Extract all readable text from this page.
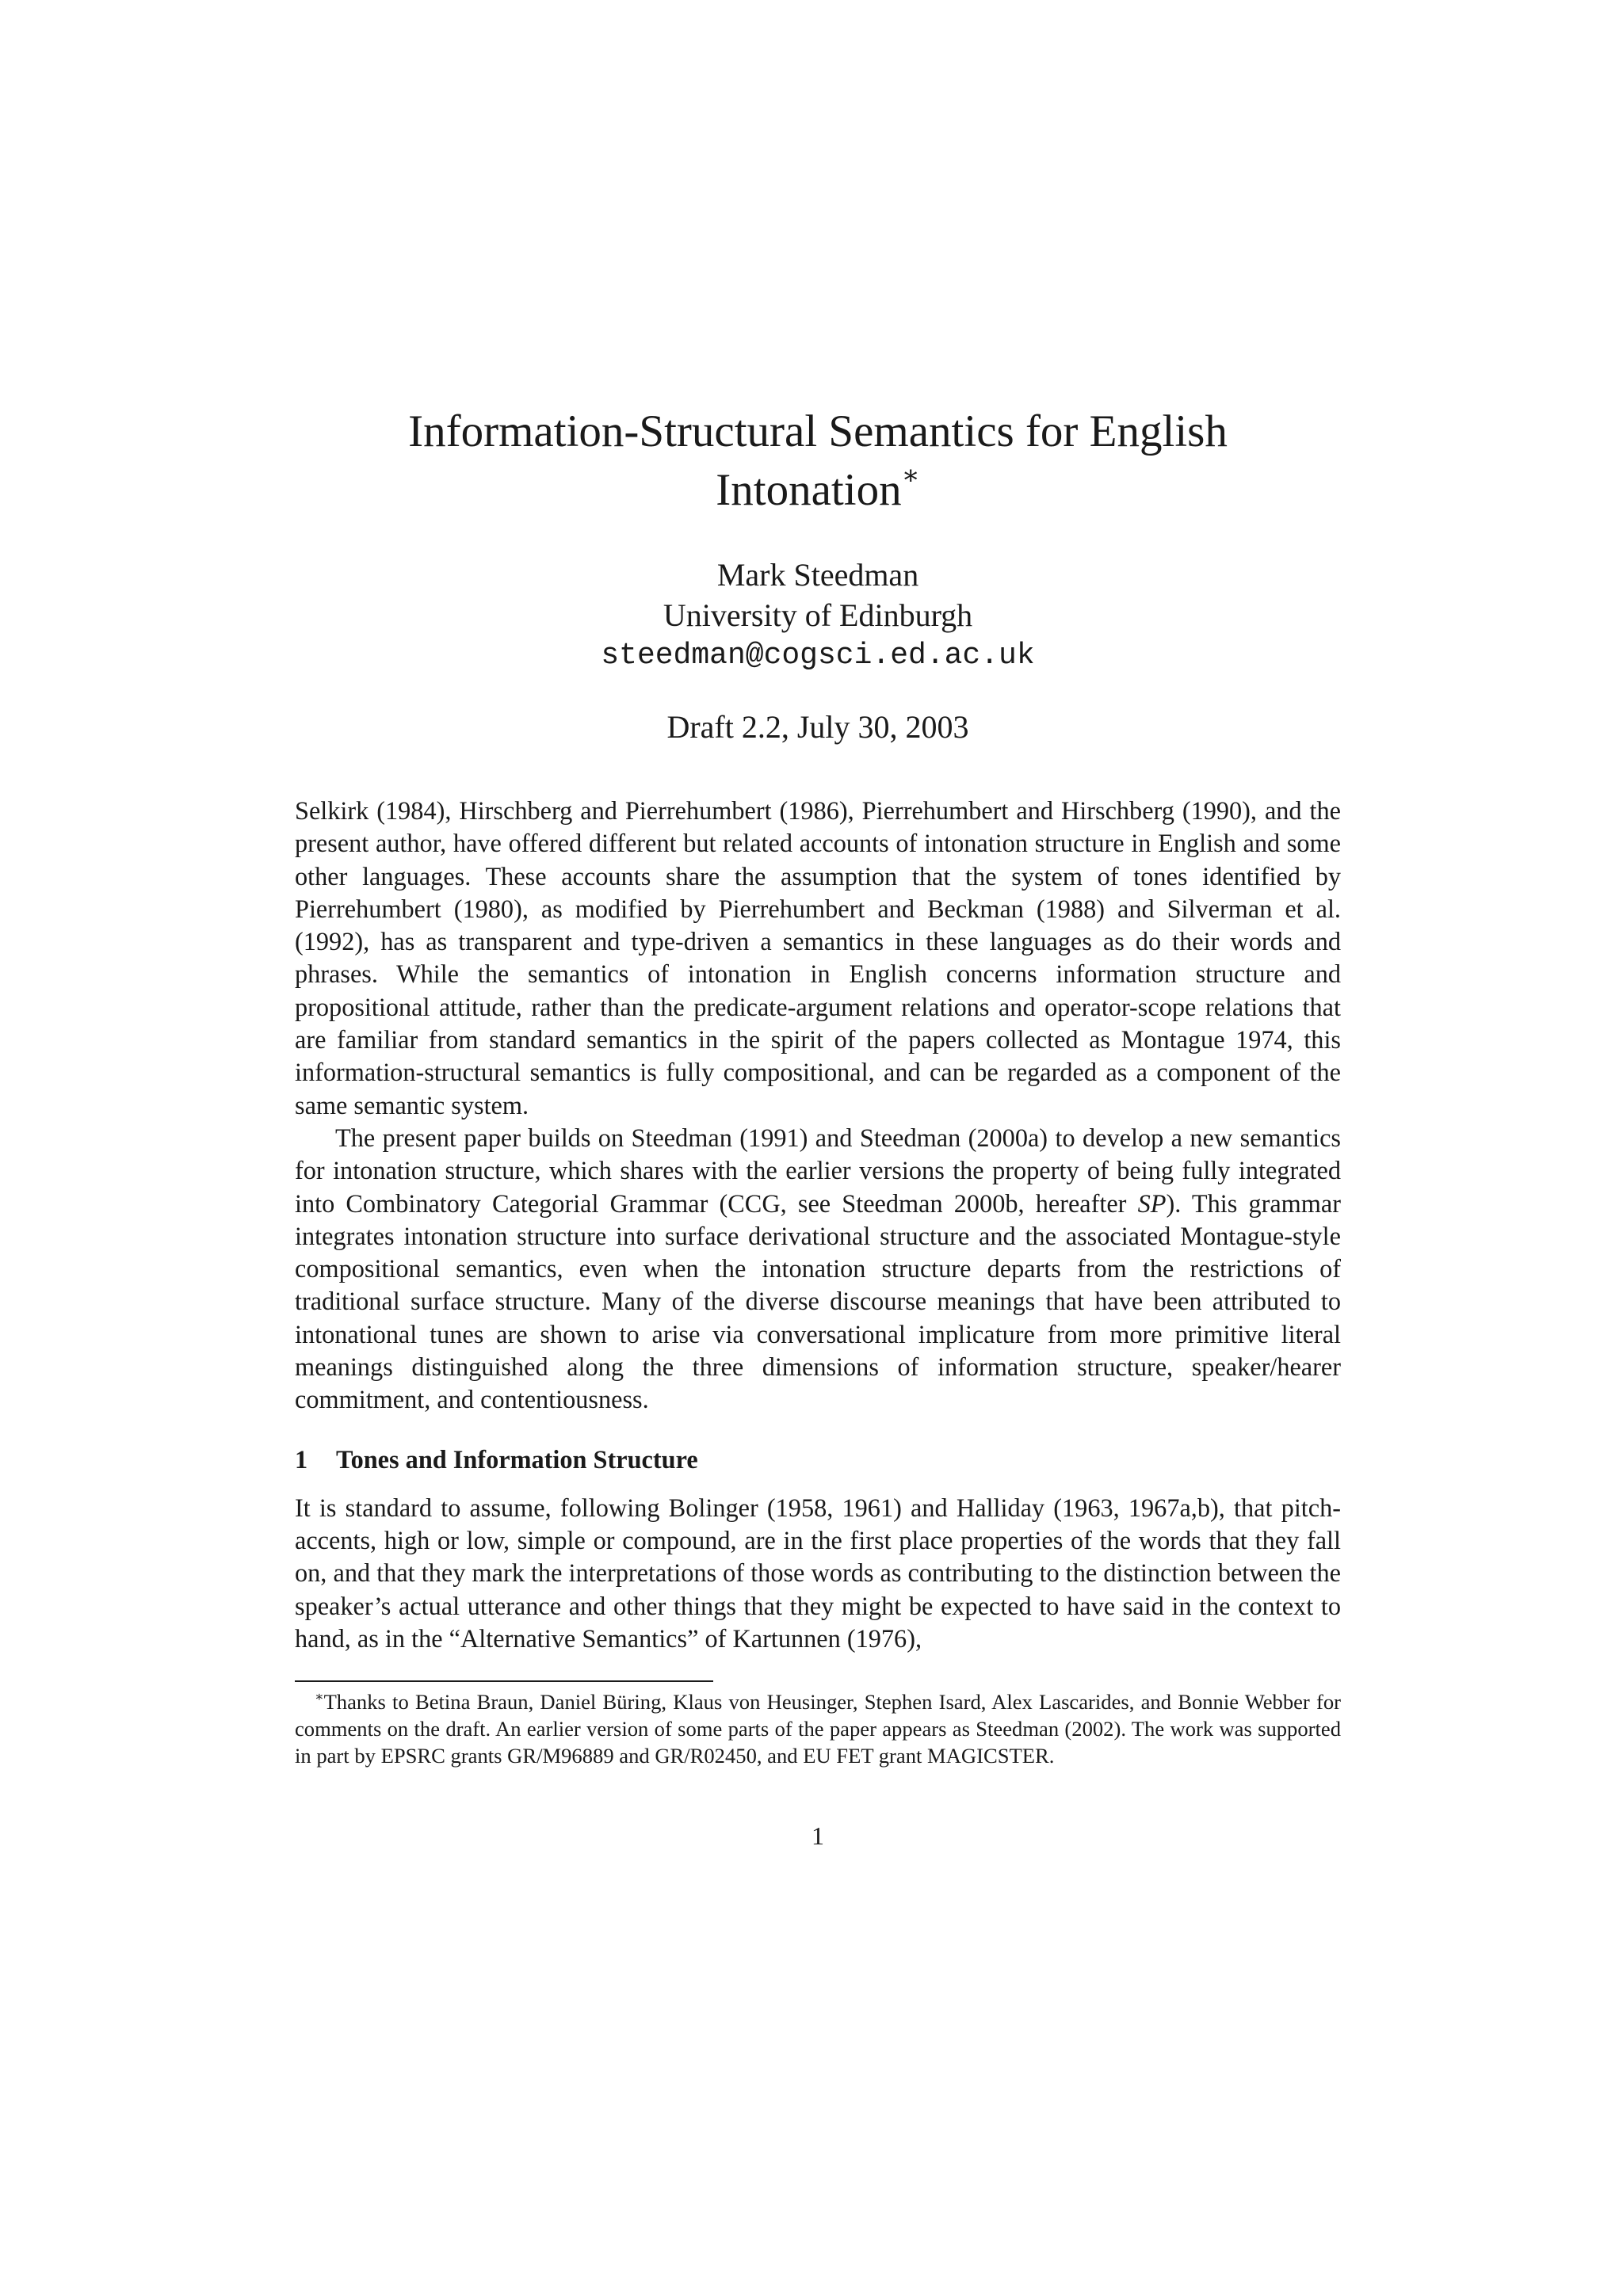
Information-Structural Semantics for English
Intonation∗
Mark Steedman
University of Edinburgh
steedman@cogsci.ed.ac.uk
Draft 2.2, July 30, 2003

Selkirk (1984), Hirschberg and Pierrehumbert (1986), Pierrehumbert and Hirschberg (1990), and the present author, have offered different but related accounts of intonation structure in English and some other languages. These accounts share the assumption that the system of tones identified by Pierrehumbert (1980), as modified by Pierrehumbert and Beckman (1988) and Silverman et al. (1992), has as transparent and type-driven a semantics in these languages as do their words and phrases. While the semantics of intonation in English concerns information structure and propositional attitude, rather than the predicate-argument relations and operator-scope relations that are familiar from standard semantics in the spirit of the papers collected as Montague 1974, this information-structural semantics is fully compositional, and can be regarded as a component of the same semantic system.

The present paper builds on Steedman (1991) and Steedman (2000a) to develop a new semantics for intonation structure, which shares with the earlier versions the property of being fully integrated into Combinatory Categorial Grammar (CCG, see Steedman 2000b, hereafter SP). This grammar integrates intonation structure into surface derivational structure and the associated Montague-style compositional semantics, even when the intonation structure departs from the restrictions of traditional surface structure. Many of the diverse discourse meanings that have been attributed to intonational tunes are shown to arise via conversational implicature from more primitive literal meanings distinguished along the three dimensions of information structure, speaker/hearer commitment, and contentiousness.

1 Tones and Information Structure

It is standard to assume, following Bolinger (1958, 1961) and Halliday (1963, 1967a,b), that pitch-accents, high or low, simple or compound, are in the first place properties of the words that they fall on, and that they mark the interpretations of those words as contributing to the distinction between the speaker’s actual utterance and other things that they might be expected to have said in the context to hand, as in the “Alternative Semantics” of Kartunnen (1976),

∗Thanks to Betina Braun, Daniel Büring, Klaus von Heusinger, Stephen Isard, Alex Lascarides, and Bonnie Webber for comments on the draft. An earlier version of some parts of the paper appears as Steedman (2002). The work was supported in part by EPSRC grants GR/M96889 and GR/R02450, and EU FET grant MAGICSTER.
1
